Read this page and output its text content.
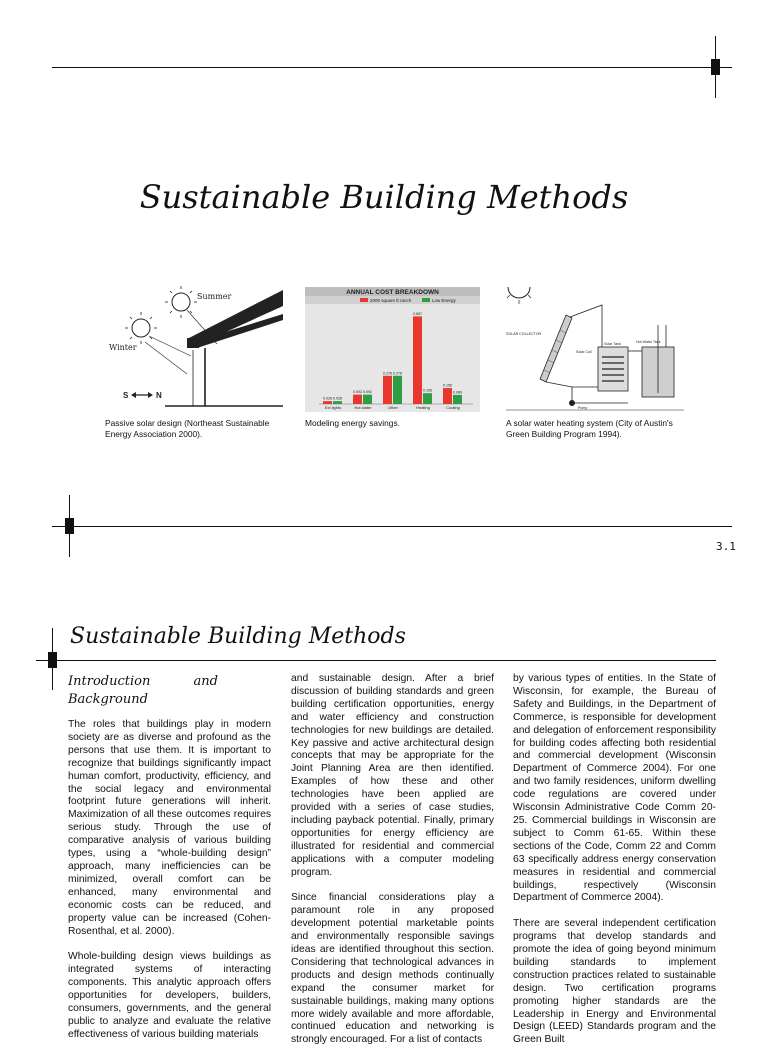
Sustainable Building Methods
Summer
Winter
S	N
Passive solar design (Northeast Sustainable Energy Association 2000).
ANNUAL COST BREAKDOWN
2000 square ft ranch	Low Energy
0.028 0.028
Ext lights
0.092 0.092
Hot water
0.276 0.276
Other
0.857
0.106
Heating
0.156
0.089
Cooling
Modeling energy savings.
SOLAR COLLECTOR
Solar Coil
Solar Tank	Hot Water Tank
Pump
A solar water heating system (City of Austin's Green Building Program 1994).
3.1
Sustainable Building Methods
Introduction and Background

The roles that buildings play in modern society are as diverse and profound as the persons that use them. It is important to recognize that buildings significantly impact human comfort, productivity, efficiency, and the social legacy and environmental footprint future generations will inherit. Maximization of all these outcomes requires serious study. Through the use of comparative analysis of various building types, using a “whole-building design” approach, many inefficiencies can be minimized, overall comfort can be enhanced, many environmental and economic costs can be reduced, and property value can be increased (Cohen-Rosenthal, et al. 2000).

Whole-building design views buildings as integrated systems of interacting components. This analytic approach offers opportunities for developers, builders, consumers, governments, and the general public to analyze and evaluate the relative effectiveness of various building materials

and sustainable design. After a brief discussion of building standards and green building certification opportunities, energy and water efficiency and construction technologies for new buildings are detailed. Key passive and active architectural design concepts that may be appropriate for the Joint Planning Area are then identified. Examples of how these and other technologies have been applied are provided with a series of case studies, including payback potential. Finally, primary opportunities for energy efficiency are illustrated for residential and commercial applications with a computer modeling program.

Since financial considerations play a paramount role in any proposed development potential marketable points and environmentally responsible savings ideas are identified throughout this section. Considering that technological advances in products and design methods continually expand the consumer market for sustainable buildings, making many options more widely available and more affordable, continued education and networking is strongly encouraged. For a list of contacts

by various types of entities. In the State of Wisconsin, for example, the Bureau of Safety and Buildings, in the Department of Commerce, is responsible for development and delegation of enforcement responsibility for building codes affecting both residential and commercial development (Wisconsin Department of Commerce 2004). For one and two family residences, uniform dwelling code regulations are covered under Wisconsin Administrative Code Comm 20-25. Commercial buildings in Wisconsin are subject to Comm 61-65. Within these sections of the Code, Comm 22 and Comm 63 specifically address energy conservation measures in residential and commercial buildings, respectively (Wisconsin Department of Commerce 2004).

There are several independent certification programs that develop standards and promote the idea of going beyond minimum building standards to implement construction practices related to sustainable design. Two certification programs promoting higher standards are the Leadership in Energy and Environmental Design (LEED) Standards program and the Green Built
